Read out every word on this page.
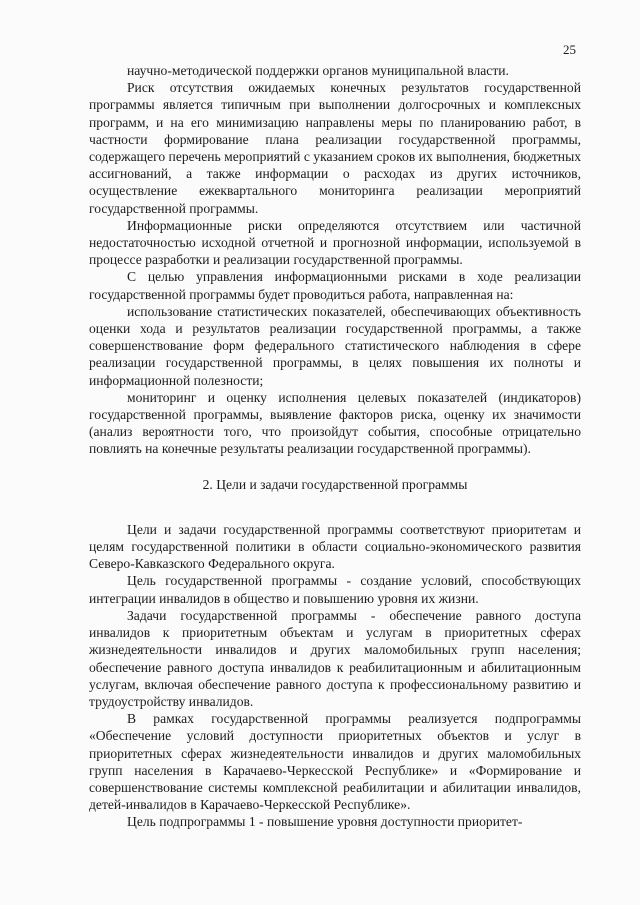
25

научно-методической поддержки органов муниципальной власти.

Риск отсутствия ожидаемых конечных результатов государственной программы является типичным при выполнении долгосрочных и комплексных программ, и на его минимизацию направлены меры по планированию работ, в частности формирование плана реализации государственной программы, содержащего перечень мероприятий с указанием сроков их выполнения, бюджетных ассигнований, а также информации о расходах из других источников, осуществление ежеквартального мониторинга реализации мероприятий государственной программы.

Информационные риски определяются отсутствием или частичной недостаточностью исходной отчетной и прогнозной информации, используемой в процессе разработки и реализации государственной программы.

С целью управления информационными рисками в ходе реализации государственной программы будет проводиться работа, направленная на:

использование статистических показателей, обеспечивающих объективность оценки хода и результатов реализации государственной программы, а также совершенствование форм федерального статистического наблюдения в сфере реализации государственной программы, в целях повышения их полноты и информационной полезности;

мониторинг и оценку исполнения целевых показателей (индикаторов) государственной программы, выявление факторов риска, оценку их значимости (анализ вероятности того, что произойдут события, способные отрицательно повлиять на конечные результаты реализации государственной программы).

2. Цели и задачи государственной программы

Цели и задачи государственной программы соответствуют приоритетам и целям государственной политики в области социально-экономического развития Северо-Кавказского Федерального округа.

Цель государственной программы - создание условий, способствующих интеграции инвалидов в общество и повышению уровня их жизни.

Задачи государственной программы - обеспечение равного доступа инвалидов к приоритетным объектам и услугам в приоритетных сферах жизнедеятельности инвалидов и других маломобильных групп населения; обеспечение равного доступа инвалидов к реабилитационным и абилитационным услугам, включая обеспечение равного доступа к профессиональному развитию и трудоустройству инвалидов.

В рамках государственной программы реализуется подпрограммы «Обеспечение условий доступности приоритетных объектов и услуг в приоритетных сферах жизнедеятельности инвалидов и других маломобильных групп населения в Карачаево-Черкесской Республике» и «Формирование и совершенствование системы комплексной реабилитации и абилитации инвалидов, детей-инвалидов в Карачаево-Черкесской Республике».

Цель подпрограммы 1 - повышение уровня доступности приоритет-
